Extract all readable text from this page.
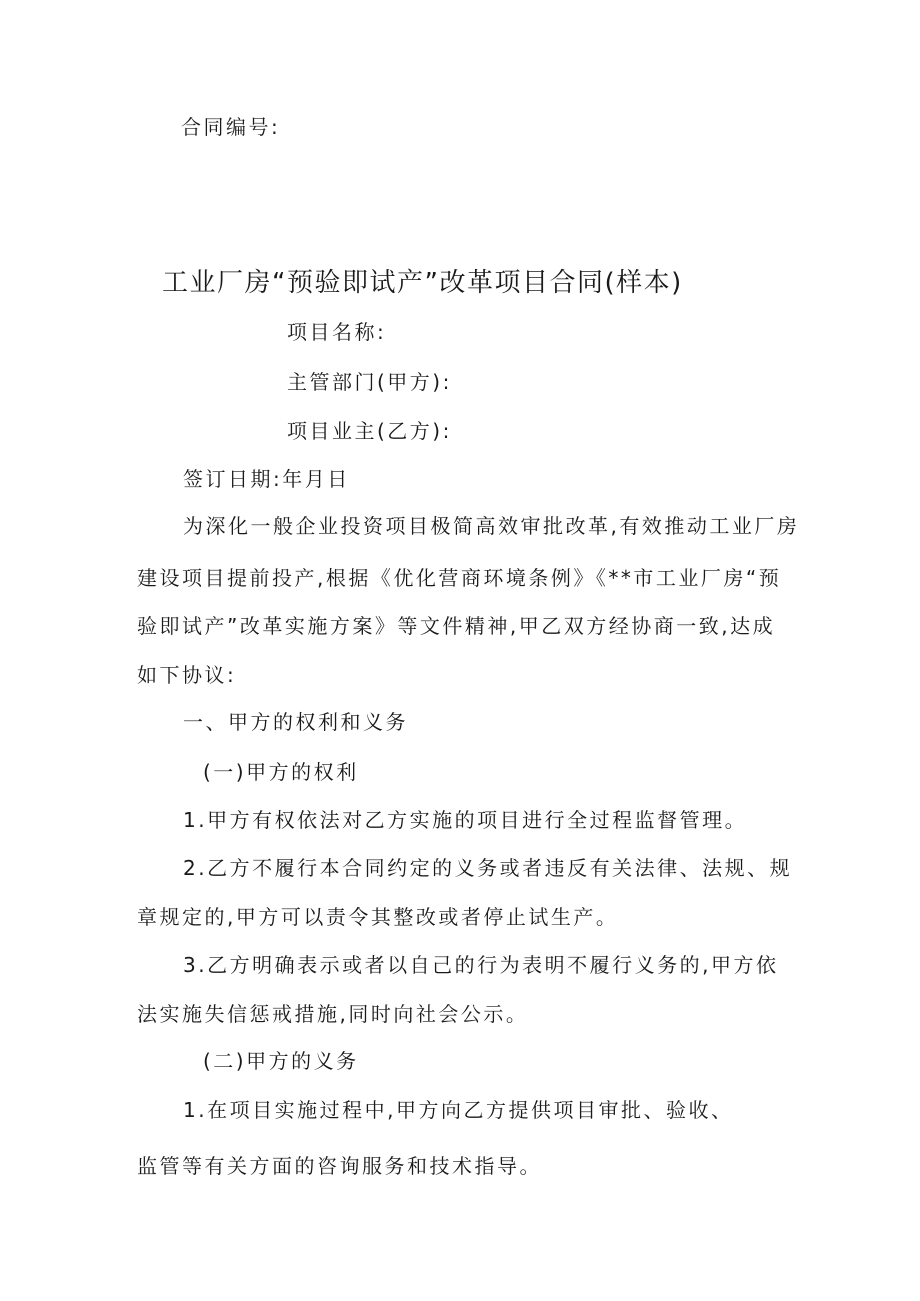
合同编号:
工业厂房“预验即试产”改革项目合同(样本)
项目名称:
主管部门(甲方):
项目业主(乙方):
签订日期:年月日
为深化一般企业投资项目极简高效审批改革,有效推动工业厂房
建设项目提前投产,根据《优化营商环境条例》《**市工业厂房“预
验即试产”改革实施方案》等文件精神,甲乙双方经协商一致,达成
如下协议:
一、甲方的权利和义务
(一)甲方的权利
1.甲方有权依法对乙方实施的项目进行全过程监督管理。
2.乙方不履行本合同约定的义务或者违反有关法律、法规、规
章规定的,甲方可以责令其整改或者停止试生产。
3.乙方明确表示或者以自己的行为表明不履行义务的,甲方依
法实施失信惩戒措施,同时向社会公示。
(二)甲方的义务
1.在项目实施过程中,甲方向乙方提供项目审批、验收、
监管等有关方面的咨询服务和技术指导。
